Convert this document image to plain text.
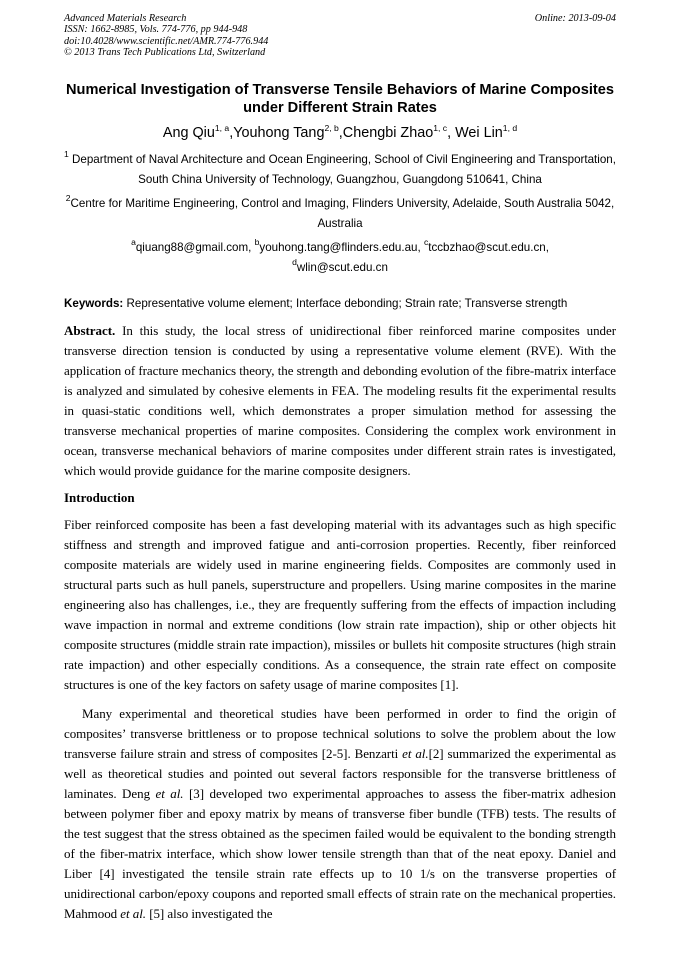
Advanced Materials Research
ISSN: 1662-8985, Vols. 774-776, pp 944-948
doi:10.4028/www.scientific.net/AMR.774-776.944
© 2013 Trans Tech Publications Ltd, Switzerland
Online: 2013-09-04
Numerical Investigation of Transverse Tensile Behaviors of Marine Composites under Different Strain Rates
Ang Qiu$^{1, a}$,Youhong Tang$^{2, b}$,Chengbi Zhao$^{1, c}$, Wei Lin$^{1, d}$
$^1$ Department of Naval Architecture and Ocean Engineering, School of Civil Engineering and Transportation, South China University of Technology, Guangzhou, Guangdong 510641, China
$^2$Centre for Maritime Engineering, Control and Imaging, Flinders University, Adelaide, South Australia 5042, Australia
$^a$qiuang88@gmail.com, $^b$youhong.tang@flinders.edu.au, $^c$tccbzhao@scut.edu.cn,
$^d$wlin@scut.edu.cn
Keywords: Representative volume element; Interface debonding; Strain rate; Transverse strength
Abstract. In this study, the local stress of unidirectional fiber reinforced marine composites under transverse direction tension is conducted by using a representative volume element (RVE). With the application of fracture mechanics theory, the strength and debonding evolution of the fibre-matrix interface is analyzed and simulated by cohesive elements in FEA. The modeling results fit the experimental results in quasi-static conditions well, which demonstrates a proper simulation method for assessing the transverse mechanical properties of marine composites. Considering the complex work environment in ocean, transverse mechanical behaviors of marine composites under different strain rates is investigated, which would provide guidance for the marine composite designers.
Introduction
Fiber reinforced composite has been a fast developing material with its advantages such as high specific stiffness and strength and improved fatigue and anti-corrosion properties. Recently, fiber reinforced composite materials are widely used in marine engineering fields. Composites are commonly used in structural parts such as hull panels, superstructure and propellers. Using marine composites in the marine engineering also has challenges, i.e., they are frequently suffering from the effects of impaction including wave impaction in normal and extreme conditions (low strain rate impaction), ship or other objects hit composite structures (middle strain rate impaction), missiles or bullets hit composite structures (high strain rate impaction) and other especially conditions. As a consequence, the strain rate effect on composite structures is one of the key factors on safety usage of marine composites [1].
Many experimental and theoretical studies have been performed in order to find the origin of composites’ transverse brittleness or to propose technical solutions to solve the problem about the low transverse failure strain and stress of composites [2-5]. Benzarti et al.[2] summarized the experimental as well as theoretical studies and pointed out several factors responsible for the transverse brittleness of laminates. Deng et al. [3] developed two experimental approaches to assess the fiber-matrix adhesion between polymer fiber and epoxy matrix by means of transverse fiber bundle (TFB) tests. The results of the test suggest that the stress obtained as the specimen failed would be equivalent to the bonding strength of the fiber-matrix interface, which show lower tensile strength than that of the neat epoxy. Daniel and Liber [4] investigated the tensile strain rate effects up to 10 1/s on the transverse properties of unidirectional carbon/epoxy coupons and reported small effects of strain rate on the mechanical properties. Mahmood et al. [5] also investigated the
